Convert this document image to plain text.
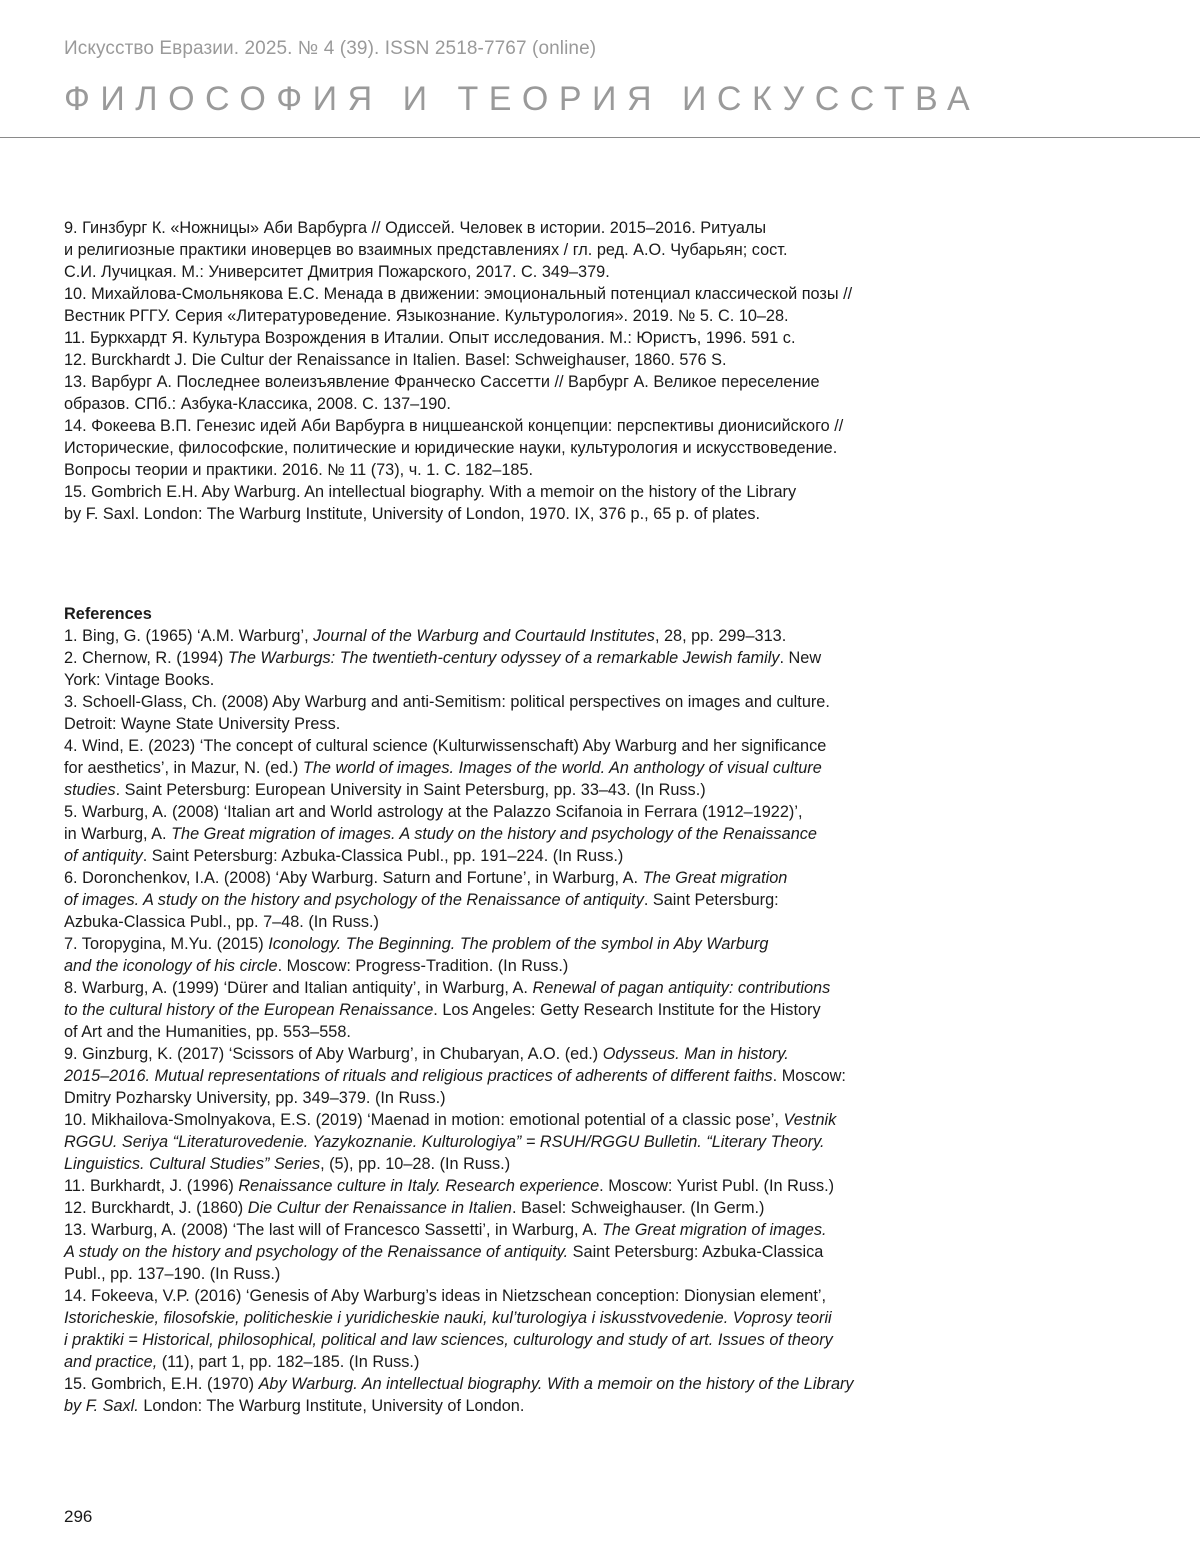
Искусство Евразии. 2025. № 4 (39). ISSN 2518-7767 (online)
ФИЛОСОФИЯ И ТЕОРИЯ ИСКУССТВА
9. Гинзбург К. «Ножницы» Аби Варбурга // Одиссей. Человек в истории. 2015–2016. Ритуалы
и религиозные практики иноверцев во взаимных представлениях / гл. ред. А.О. Чубарьян; сост.
С.И. Лучицкая. М.: Университет Дмитрия Пожарского, 2017. С. 349–379.
10. Михайлова-Смольнякова Е.С. Менада в движении: эмоциональный потенциал классической позы //
Вестник РГГУ. Серия «Литературоведение. Языкознание. Культурология». 2019. № 5. С. 10–28.
11. Буркхардт Я. Культура Возрождения в Италии. Опыт исследования. М.: Юристъ, 1996. 591 с.
12. Burckhardt J. Die Cultur der Renaissance in Italien. Basel: Schweighauser, 1860. 576 S.
13. Варбург А. Последнее волеизъявление Франческо Сассетти // Варбург А. Великое переселение
образов. СПб.: Азбука-Классика, 2008. С. 137–190.
14. Фокеева В.П. Генезис идей Аби Варбурга в ницшеанской концепции: перспективы дионисийского //
Исторические, философские, политические и юридические науки, культурология и искусствоведение.
Вопросы теории и практики. 2016. № 11 (73), ч. 1. С. 182–185.
15. Gombrich E.H. Aby Warburg. An intellectual biography. With a memoir on the history of the Library
by F. Saxl. London: The Warburg Institute, University of London, 1970. IX, 376 p., 65 p. of plates.
References
1. Bing, G. (1965) ‘A.M. Warburg’, Journal of the Warburg and Courtauld Institutes, 28, pp. 299–313.
2. Chernow, R. (1994) The Warburgs: The twentieth-century odyssey of a remarkable Jewish family. New
York: Vintage Books.
3. Schoell-Glass, Ch. (2008) Aby Warburg and anti-Semitism: political perspectives on images and culture.
Detroit: Wayne State University Press.
4. Wind, E. (2023) ‘The concept of cultural science (Kulturwissenschaft) Aby Warburg and her significance
for aesthetics’, in Mazur, N. (ed.) The world of images. Images of the world. An anthology of visual culture
studies. Saint Petersburg: European University in Saint Petersburg, pp. 33–43. (In Russ.)
5. Warburg, A. (2008) ‘Italian art and World astrology at the Palazzo Scifanoia in Ferrara (1912–1922)’,
in Warburg, A. The Great migration of images. A study on the history and psychology of the Renaissance
of antiquity. Saint Petersburg: Azbuka-Classica Publ., pp. 191–224. (In Russ.)
6. Doronchenkov, I.A. (2008) ‘Aby Warburg. Saturn and Fortune’, in Warburg, A. The Great migration
of images. A study on the history and psychology of the Renaissance of antiquity. Saint Petersburg:
Azbuka-Classica Publ., pp. 7–48. (In Russ.)
7. Toropygina, M.Yu. (2015) Iconology. The Beginning. The problem of the symbol in Aby Warburg
and the iconology of his circle. Moscow: Progress-Tradition. (In Russ.)
8. Warburg, A. (1999) ‘Dürer and Italian antiquity’, in Warburg, A. Renewal of pagan antiquity: contributions
to the cultural history of the European Renaissance. Los Angeles: Getty Research Institute for the History
of Art and the Humanities, pp. 553–558.
9. Ginzburg, K. (2017) ‘Scissors of Aby Warburg’, in Chubaryan, A.O. (ed.) Odysseus. Man in history.
2015–2016. Mutual representations of rituals and religious practices of adherents of different faiths. Moscow:
Dmitry Pozharsky University, pp. 349–379. (In Russ.)
10. Mikhailova-Smolnyakova, E.S. (2019) ‘Maenad in motion: emotional potential of a classic pose’, Vestnik
RGGU. Seriya “Literaturovedenie. Yazykoznanie. Kulturologiya” = RSUH/RGGU Bulletin. “Literary Theory.
Linguistics. Cultural Studies” Series, (5), pp. 10–28. (In Russ.)
11. Burkhardt, J. (1996) Renaissance culture in Italy. Research experience. Moscow: Yurist Publ. (In Russ.)
12. Burckhardt, J. (1860) Die Cultur der Renaissance in Italien. Basel: Schweighauser. (In Germ.)
13. Warburg, A. (2008) ‘The last will of Francesco Sassetti’, in Warburg, A. The Great migration of images.
A study on the history and psychology of the Renaissance of antiquity. Saint Petersburg: Azbuka-Classica
Publ., pp. 137–190. (In Russ.)
14. Fokeeva, V.P. (2016) ‘Genesis of Aby Warburg’s ideas in Nietzschean conception: Dionysian element’,
Istoricheskie, filosofskie, politicheskie i yuridicheskie nauki, kul’turologiya i iskusstvovedenie. Voprosy teorii
i praktiki = Historical, philosophical, political and law sciences, culturology and study of art. Issues of theory
and practice, (11), part 1, pp. 182–185. (In Russ.)
15. Gombrich, E.H. (1970) Aby Warburg. An intellectual biography. With a memoir on the history of the Library
by F. Saxl. London: The Warburg Institute, University of London.
296
